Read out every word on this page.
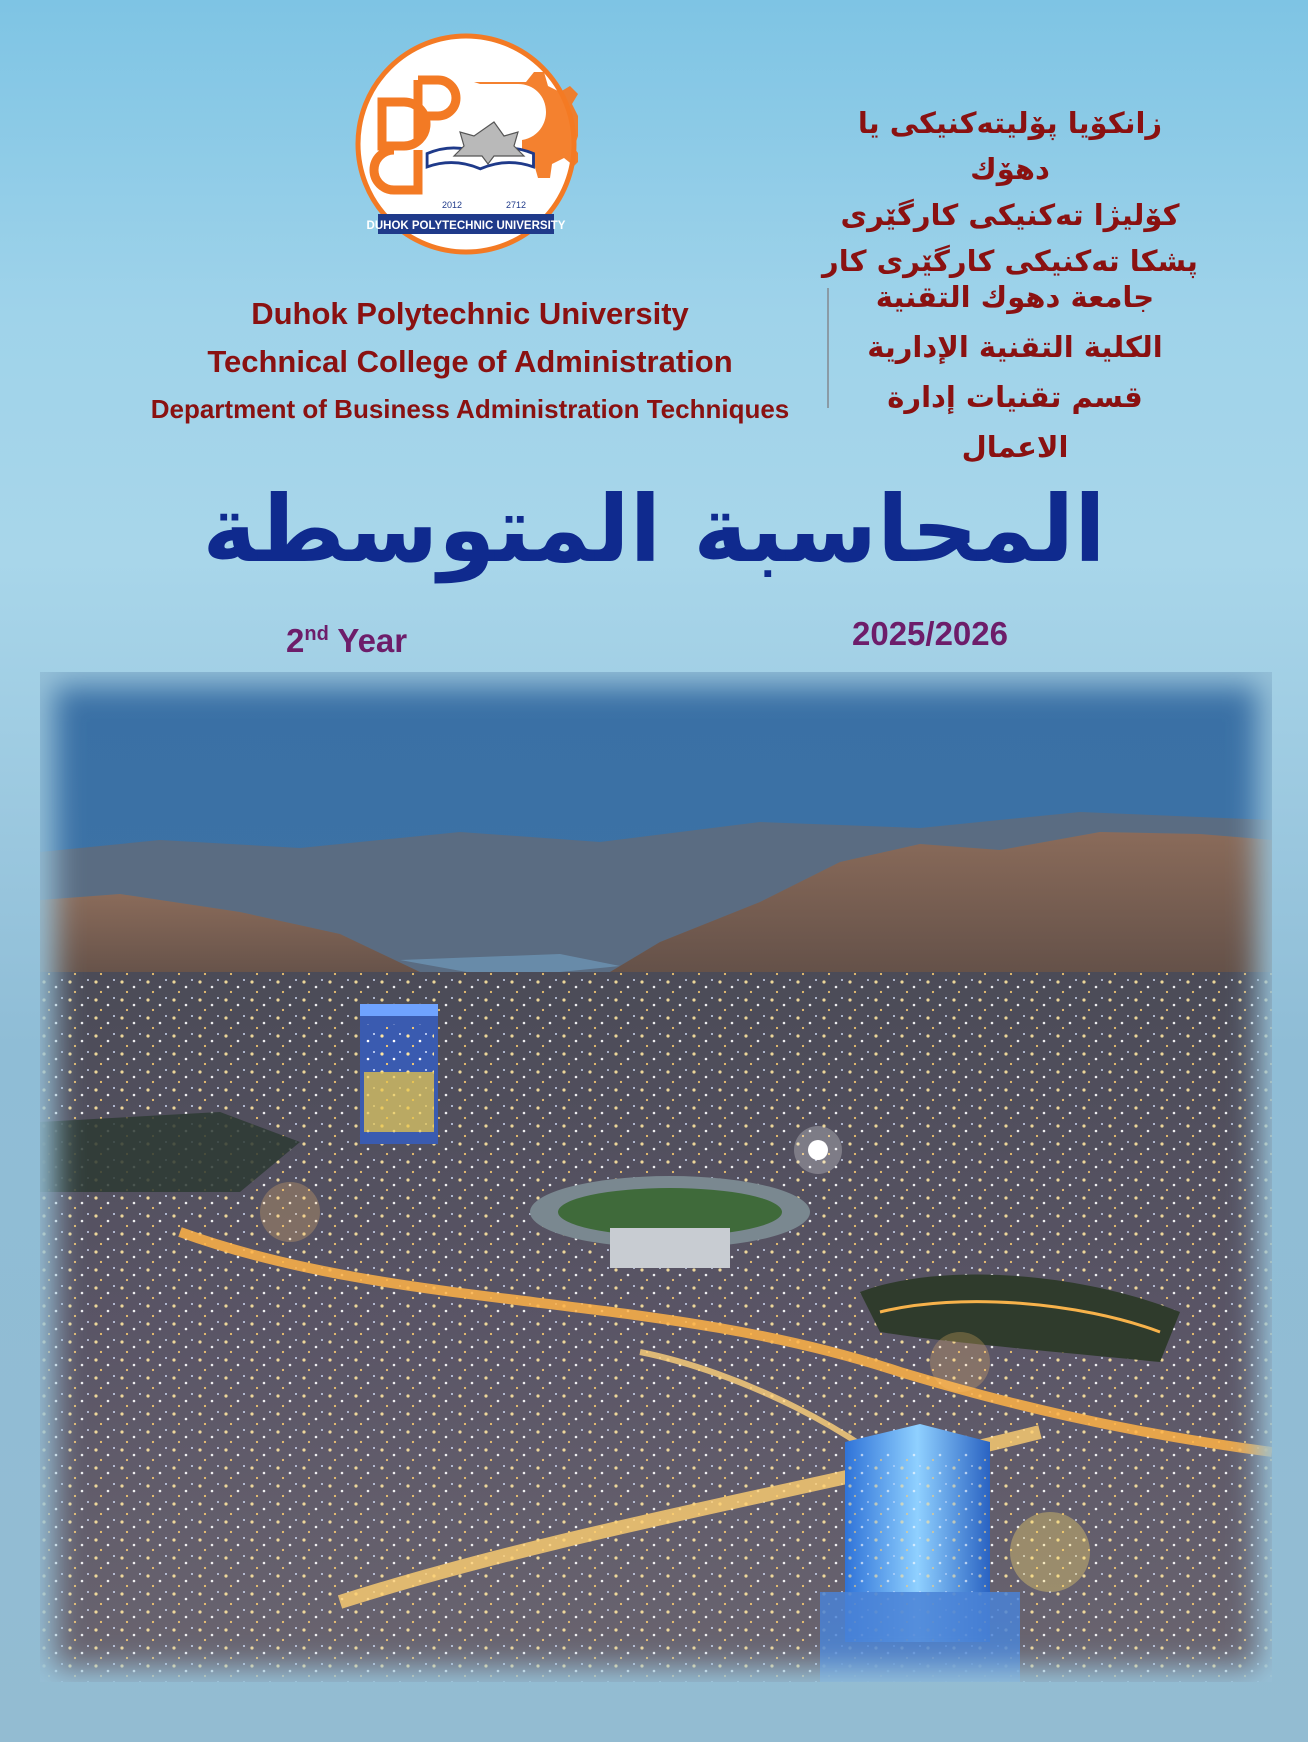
2012	2712
DUHOK POLYTECHNIC UNIVERSITY
زانكۆيا پۆليتەكنيكى يا دهۆك
كۆليژا تەكنيكى كارگێرى
پشكا تەكنيكى كارگێرى كار
جامعة دهوك التقنية
الكلية التقنية الإدارية
قسم تقنيات إدارة الاعمال
Duhok Polytechnic University
Technical College of Administration
Department of Business Administration Techniques
المحاسبة المتوسطة
2nd Year	2025/2026
